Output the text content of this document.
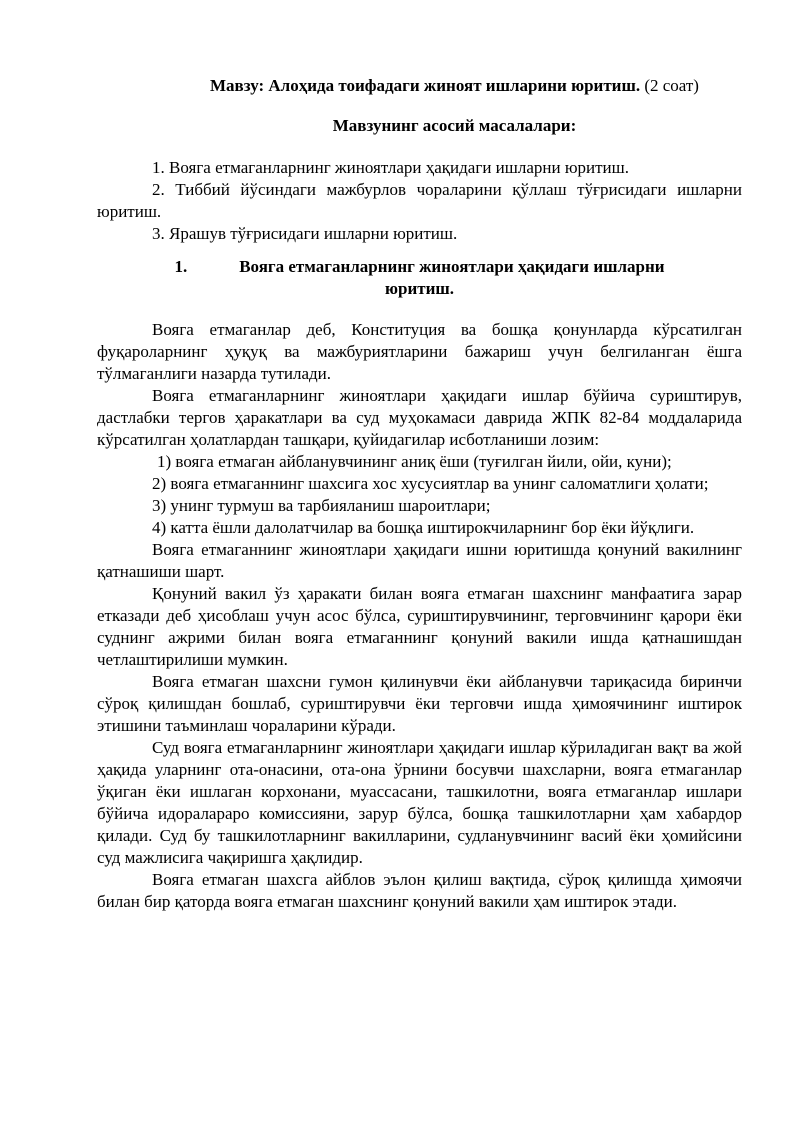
Мавзу: Алоҳида тоифадаги жиноят ишларини юритиш. (2 соат)

Мавзунинг асосий масалалари:

1. Вояга етмаганларнинг жиноятлари ҳақидаги ишларни юритиш.

2. Тиббий йўсиндаги мажбурлов чораларини қўллаш тўғрисидаги ишларни юритиш.

3. Ярашув тўғрисидаги ишларни юритиш.

1.	Вояга етмаганларнинг жиноятлари ҳақидаги ишларни
юритиш.

Вояга етмаганлар деб, Конституция ва бошқа қонунларда кўрсатилган фуқароларнинг ҳуқуқ ва мажбуриятларини бажариш учун белгиланган ёшга тўлмаганлиги назарда тутилади.

Вояга етмаганларнинг жиноятлари ҳақидаги ишлар бўйича суриштирув, дастлабки тергов ҳаракатлари ва суд муҳокамаси даврида ЖПК 82-84 моддаларида кўрсатилган ҳолатлардан ташқари, қуйидагилар исботланиши лозим:

1) вояга етмаган айбланувчининг аниқ ёши (туғилган йили, ойи, куни);

2) вояга етмаганнинг шахсига хос хусусиятлар ва унинг саломатлиги ҳолати;

3) унинг турмуш ва тарбияланиш шароитлари;

4) катта ёшли далолатчилар ва бошқа иштирокчиларнинг бор ёки йўқлиги.

Вояга етмаганнинг жиноятлари ҳақидаги ишни юритишда қонуний вакилнинг қатнашиши шарт.

Қонуний вакил ўз ҳаракати билан вояга етмаган шахснинг манфаатига зарар етказади деб ҳисоблаш учун асос бўлса, суриштирувчининг, терговчининг қарори ёки суднинг ажрими билан вояга етмаганнинг қонуний вакили ишда қатнашишдан четлаштирилиши мумкин.

Вояга етмаган шахсни гумон қилинувчи ёки айбланувчи тариқасида биринчи сўроқ қилишдан бошлаб, суриштирувчи ёки терговчи ишда ҳимоячининг иштирок этишини таъминлаш чораларини кўради.

Суд вояга етмаганларнинг жиноятлари ҳақидаги ишлар кўриладиган вақт ва жой ҳақида уларнинг ота-онасини, ота-она ўрнини босувчи шахсларни, вояга етмаганлар ўқиган ёки ишлаган корхонани, муассасани, ташкилотни, вояга етмаганлар ишлари бўйича идоралараро комиссияни, зарур бўлса, бошқа ташкилотларни ҳам хабардор қилади. Суд бу ташкилотларнинг вакилларини, судланувчининг васий ёки ҳомийсини суд мажлисига чақиришга ҳақлидир.

Вояга етмаган шахсга айблов эълон қилиш вақтида, сўроқ қилишда ҳимоячи билан бир қаторда вояга етмаган шахснинг қонуний вакили ҳам иштирок этади.
